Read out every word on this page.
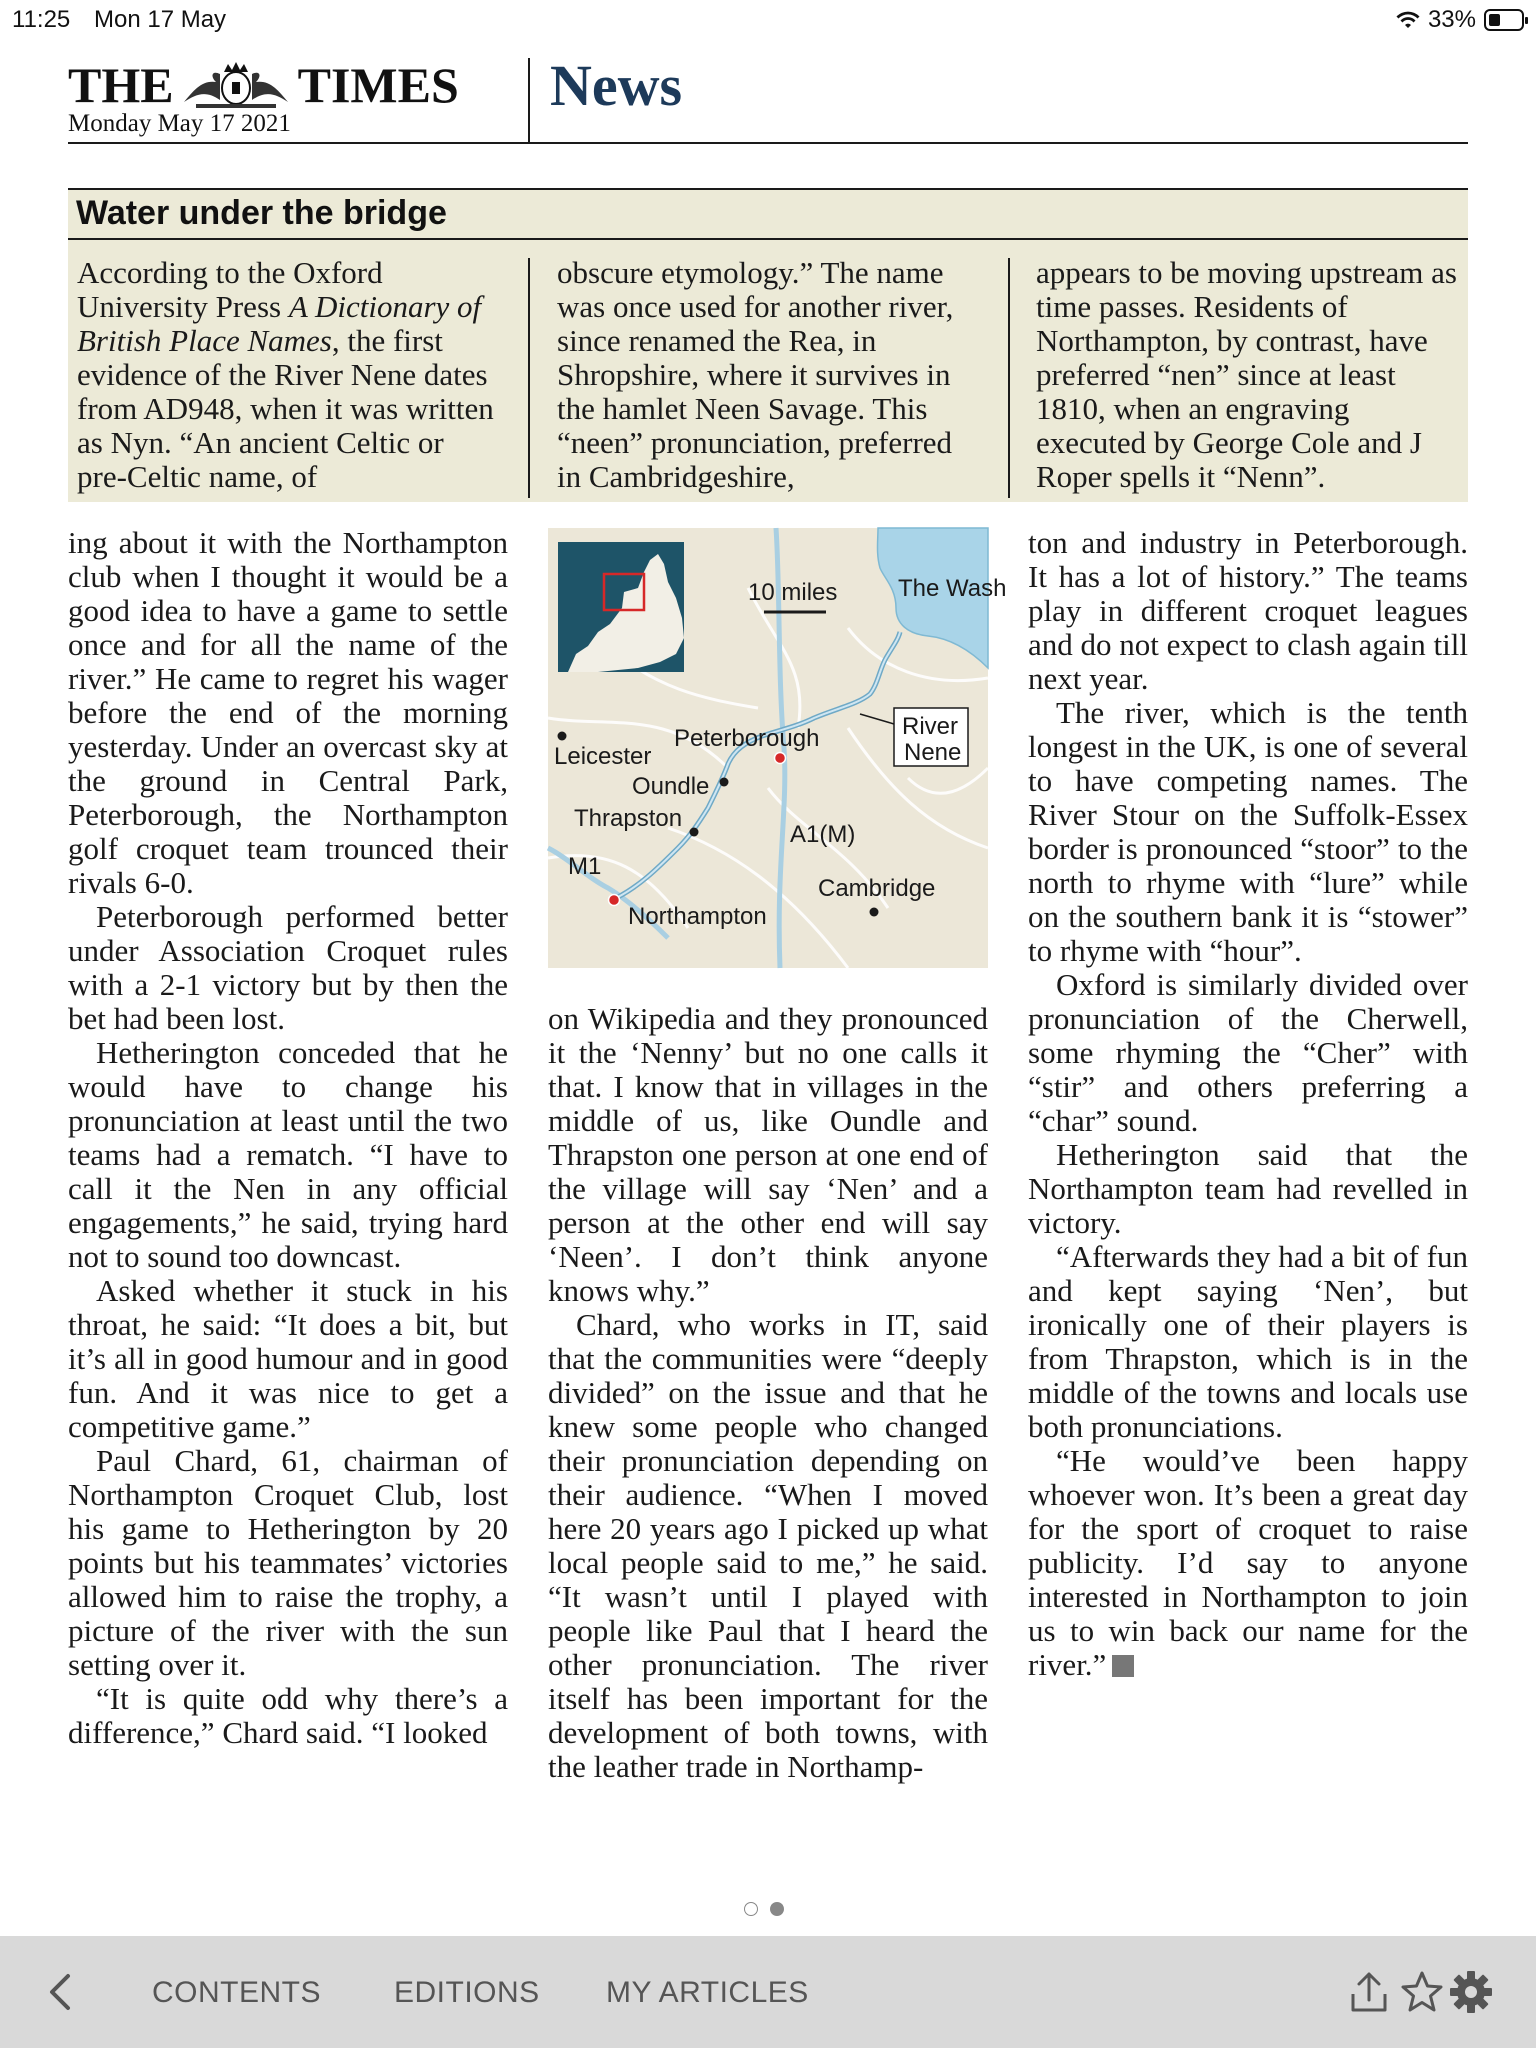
11:25 Mon 17 May	33%
THE TIMES
Monday May 17 2021
News
Water under the bridge
According to the Oxford University Press A Dictionary of British Place Names, the first evidence of the River Nene dates from AD948, when it was written as Nyn. “An ancient Celtic or pre-Celtic name, of
obscure etymology.” The name was once used for another river, since renamed the Rea, in Shropshire, where it survives in the hamlet Neen Savage. This “neen” pronunciation, preferred in Cambridgeshire,
appears to be moving upstream as time passes. Residents of Northampton, by contrast, have preferred “nen” since at least 1810, when an engraving executed by George Cole and J Roper spells it “Nenn”.

ing about it with the Northampton club when I thought it would be a good idea to have a game to settle once and for all the name of the river.” He came to regret his wager before the end of the morning yesterday. Under an overcast sky at the ground in Central Park, Peterborough, the Northampton golf croquet team trounced their rivals 6-0.

Peterborough performed better under Association Croquet rules with a 2-1 victory but by then the bet had been lost.

Hetherington conceded that he would have to change his pronunciation at least until the two teams had a rematch. “I have to call it the Nen in any official engagements,” he said, trying hard not to sound too downcast.

Asked whether it stuck in his throat, he said: “It does a bit, but it’s all in good humour and in good fun. And it was nice to get a competitive game.”

Paul Chard, 61, chairman of Northampton Croquet Club, lost his game to Hetherington by 20 points but his teammates’ victories allowed him to raise the trophy, a picture of the river with the sun setting over it.

“It is quite odd why there’s a difference,” Chard said. “I looked

10 miles	The Wash
River
Nene
Leicester
Peterborough
Oundle
Thrapston
Northampton
Cambridge
A1(M)
M1

on Wikipedia and they pronounced it the ‘Nenny’ but no one calls it that. I know that in villages in the middle of us, like Oundle and Thrapston one person at one end of the village will say ‘Nen’ and a person at the other end will say ‘Neen’. I don’t think anyone knows why.”

Chard, who works in IT, said that the communities were “deeply divided” on the issue and that he knew some people who changed their pronunciation depending on their audience. “When I moved here 20 years ago I picked up what local people said to me,” he said. “It wasn’t until I played with people like Paul that I heard the other pronunciation. The river itself has been important for the development of both towns, with the leather trade in Northamp-

ton and industry in Peterborough. It has a lot of history.” The teams play in different croquet leagues and do not expect to clash again till next year.

The river, which is the tenth longest in the UK, is one of several to have competing names. The River Stour on the Suffolk-Essex border is pronounced “stoor” to the north to rhyme with “lure” while on the southern bank it is “stower” to rhyme with “hour”.

Oxford is similarly divided over pronunciation of the Cherwell, some rhyming the “Cher” with “stir” and others preferring a “char” sound.

Hetherington said that the Northampton team had revelled in victory.

“Afterwards they had a bit of fun and kept saying ‘Nen’, but ironically one of their players is from Thrapston, which is in the middle of the towns and locals use both pronunciations.

“He would’ve been happy whoever won. It’s been a great day for the sport of croquet to raise publicity. I’d say to anyone interested in Northampton to join us to win back our name for the river.”

CONTENTS EDITIONS MY ARTICLES
